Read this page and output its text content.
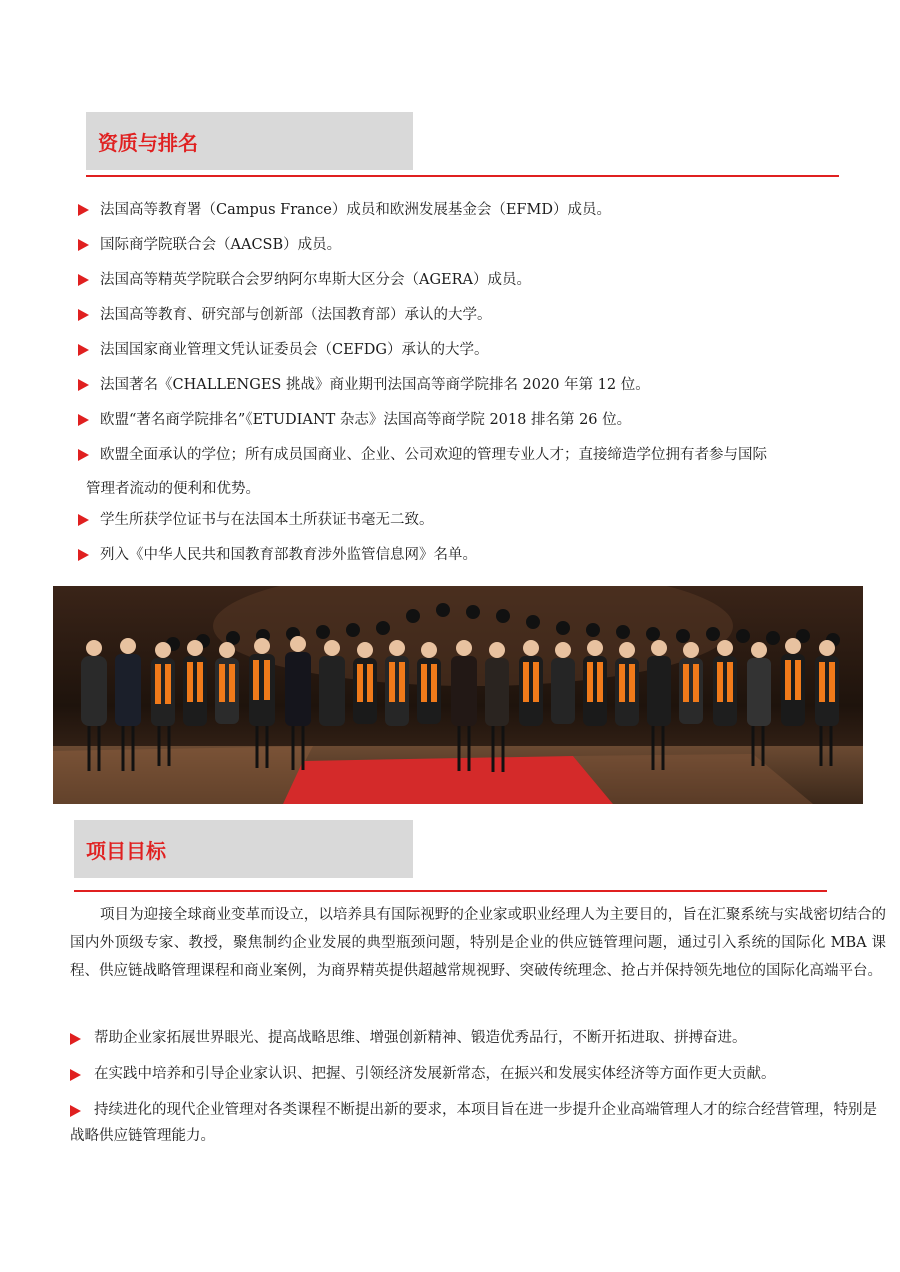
资质与排名
法国高等教育署（Campus France）成员和欧洲发展基金会（EFMD）成员。
国际商学院联合会（AACSB）成员。
法国高等精英学院联合会罗纳阿尔卑斯大区分会（AGERA）成员。
法国高等教育、研究部与创新部（法国教育部）承认的大学。
法国国家商业管理文凭认证委员会（CEFDG）承认的大学。
法国著名《CHALLENGES 挑战》商业期刊法国高等商学院排名 2020 年第 12 位。
欧盟“著名商学院排名”《ETUDIANT 杂志》法国高等商学院 2018 排名第 26 位。
欧盟全面承认的学位；所有成员国商业、企业、公司欢迎的管理专业人才；直接缔造学位拥有者参与国际
管理者流动的便利和优势。
学生所获学位证书与在法国本土所获证书毫无二致。
列入《中华人民共和国教育部教育涉外监管信息网》名单。
项目目标

项目为迎接全球商业变革而设立，以培养具有国际视野的企业家或职业经理人为主要目的，旨在汇聚系统与实战密切结合的国内外顶级专家、教授，聚焦制约企业发展的典型瓶颈问题，特别是企业的供应链管理问题，通过引入系统的国际化 MBA 课程、供应链战略管理课程和商业案例，为商界精英提供超越常规视野、突破传统理念、抢占并保持领先地位的国际化高端平台。

帮助企业家拓展世界眼光、提高战略思维、增强创新精神、锻造优秀品行，不断开拓进取、拼搏奋进。
在实践中培养和引导企业家认识、把握、引领经济发展新常态，在振兴和发展实体经济等方面作更大贡献。
持续进化的现代企业管理对各类课程不断提出新的要求，本项目旨在进一步提升企业高端管理人才的综合经营管理，特别是战略供应链管理能力。
